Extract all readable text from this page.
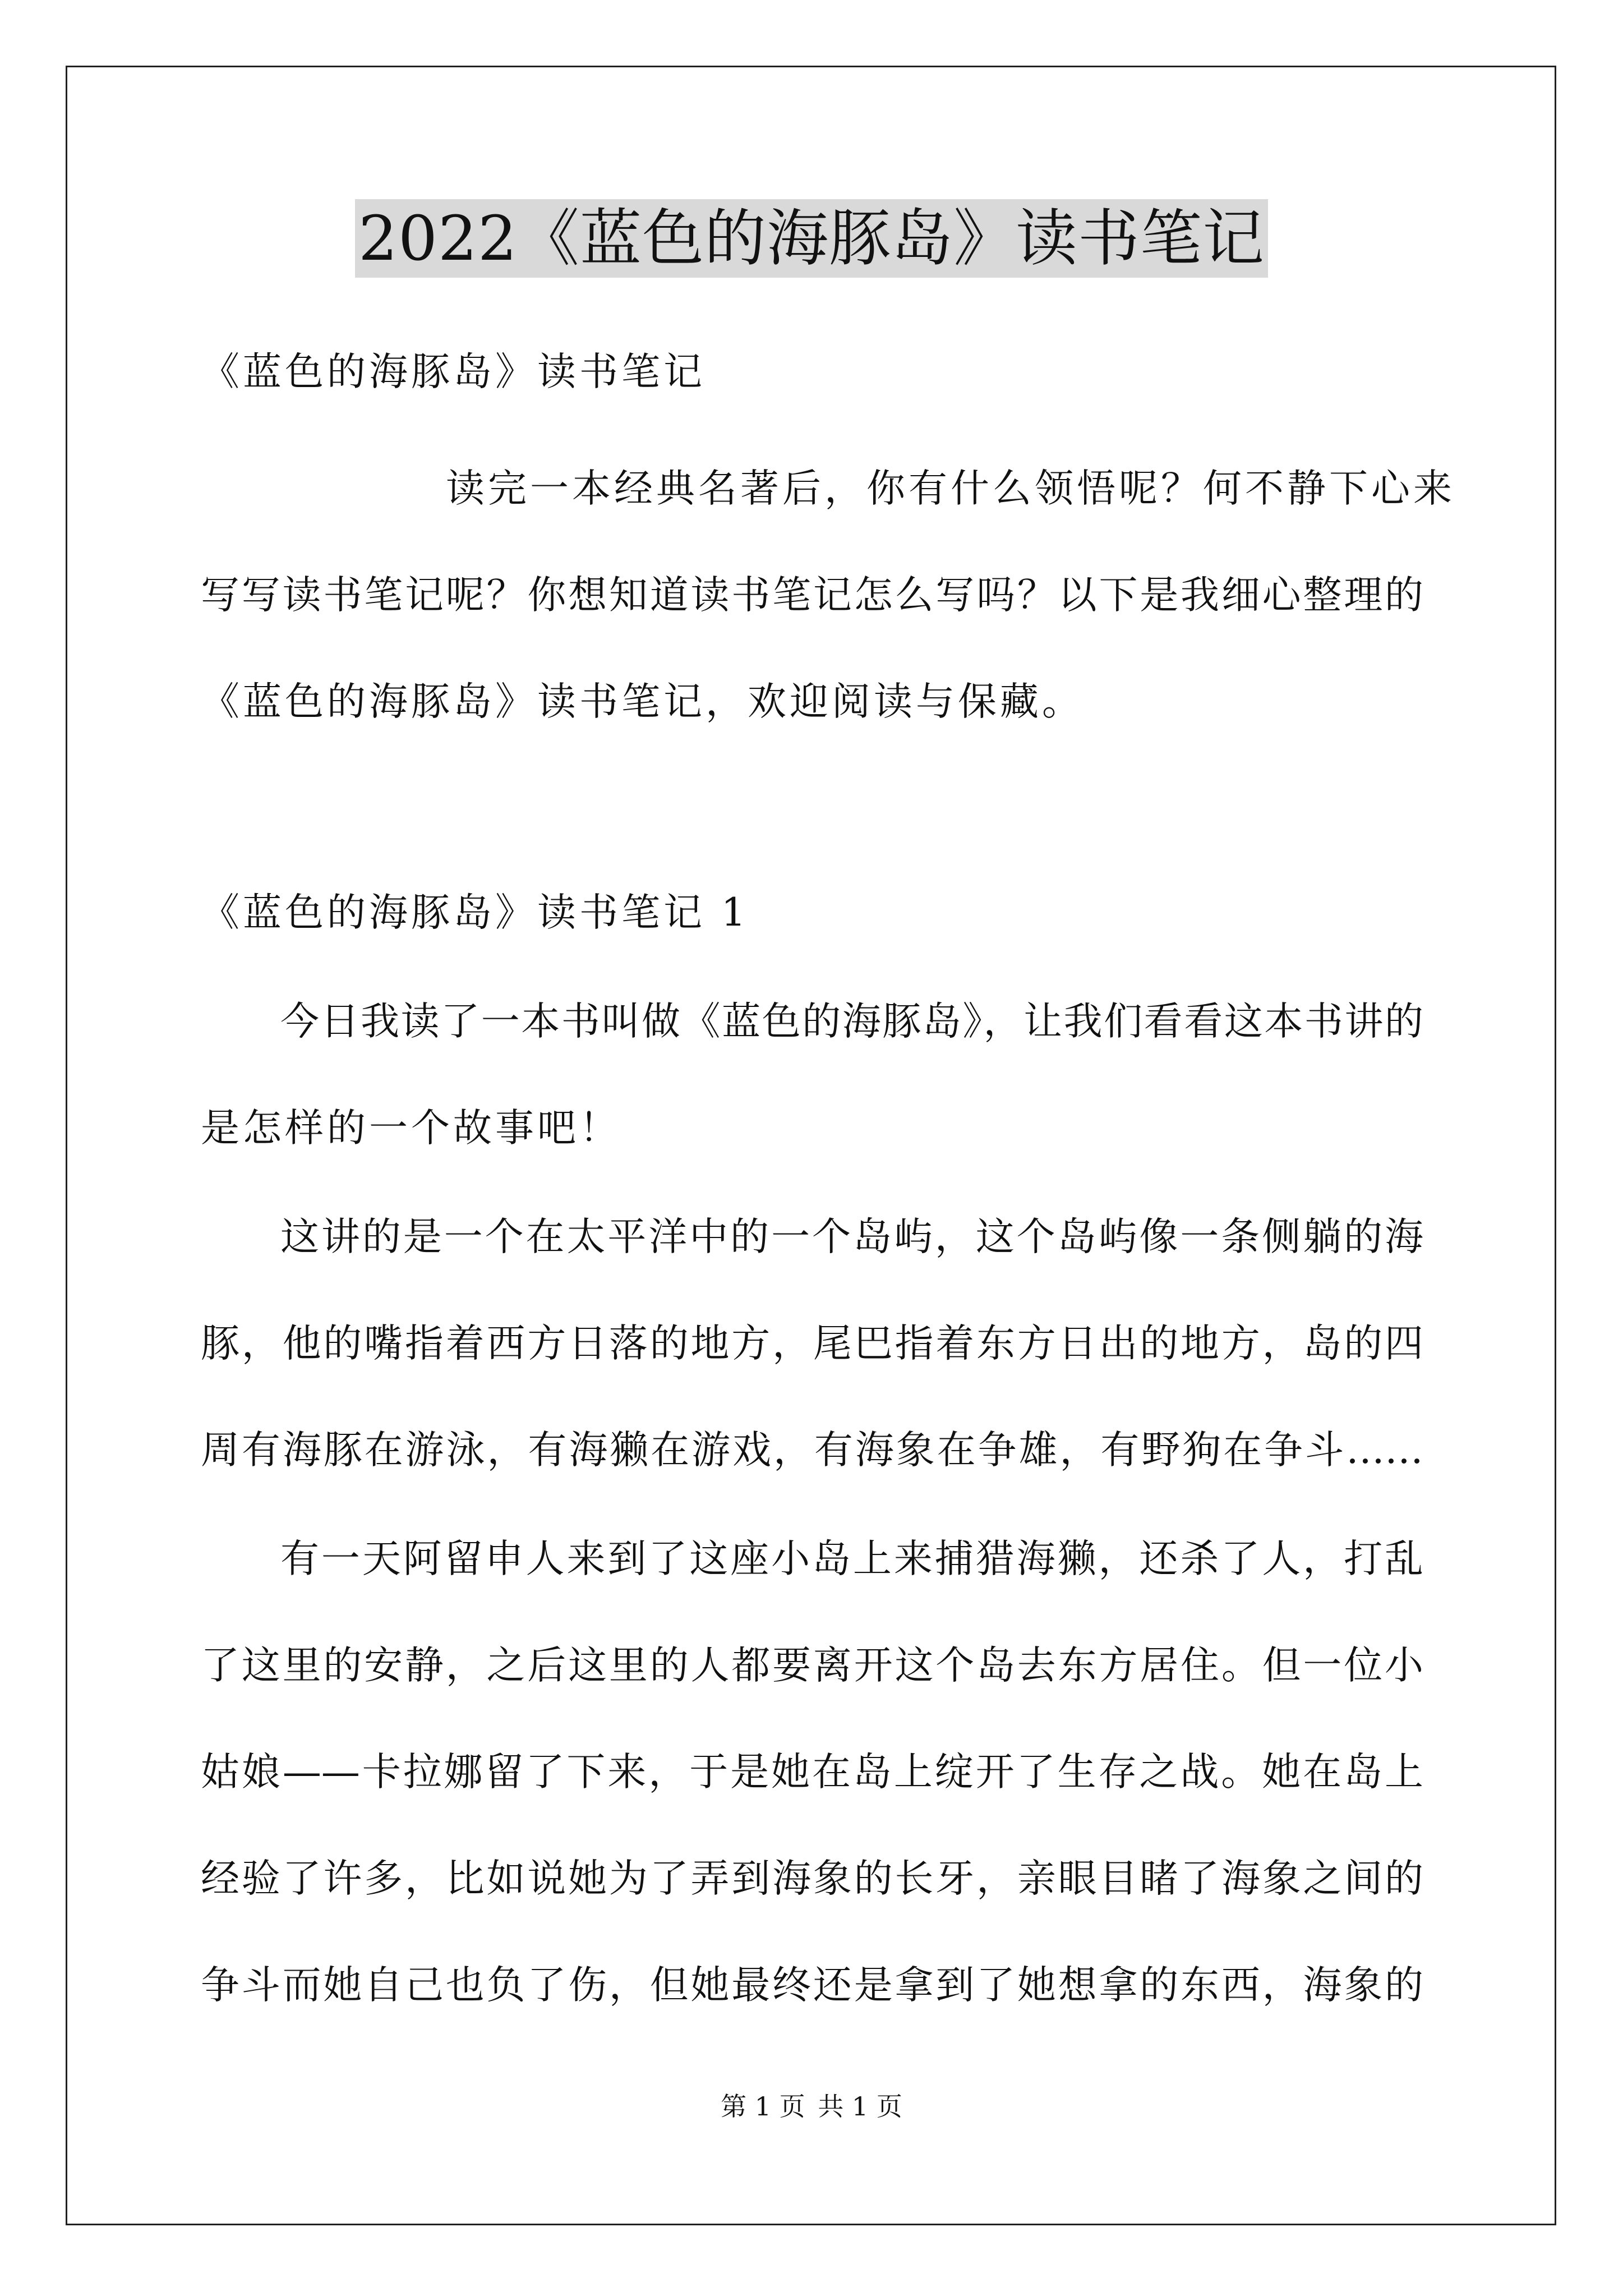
2022《蓝色的海豚岛》读书笔记
《蓝色的海豚岛》读书笔记
读完一本经典名著后，你有什么领悟呢？何不静下心来
写写读书笔记呢？你想知道读书笔记怎么写吗？以下是我细心整理的
《蓝色的海豚岛》读书笔记，欢迎阅读与保藏。
《蓝色的海豚岛》读书笔记 1
今日我读了一本书叫做《蓝色的海豚岛》，让我们看看这本书讲的
是怎样的一个故事吧！
这讲的是一个在太平洋中的一个岛屿，这个岛屿像一条侧躺的海
豚，他的嘴指着西方日落的地方，尾巴指着东方日出的地方，岛的四
周有海豚在游泳，有海獭在游戏，有海象在争雄，有野狗在争斗……
有一天阿留申人来到了这座小岛上来捕猎海獭，还杀了人，打乱
了这里的安静，之后这里的人都要离开这个岛去东方居住。但一位小
姑娘——卡拉娜留了下来，于是她在岛上绽开了生存之战。她在岛上
经验了许多，比如说她为了弄到海象的长牙，亲眼目睹了海象之间的
争斗而她自己也负了伤，但她最终还是拿到了她想拿的东西，海象的
第 1 页 共 1 页
